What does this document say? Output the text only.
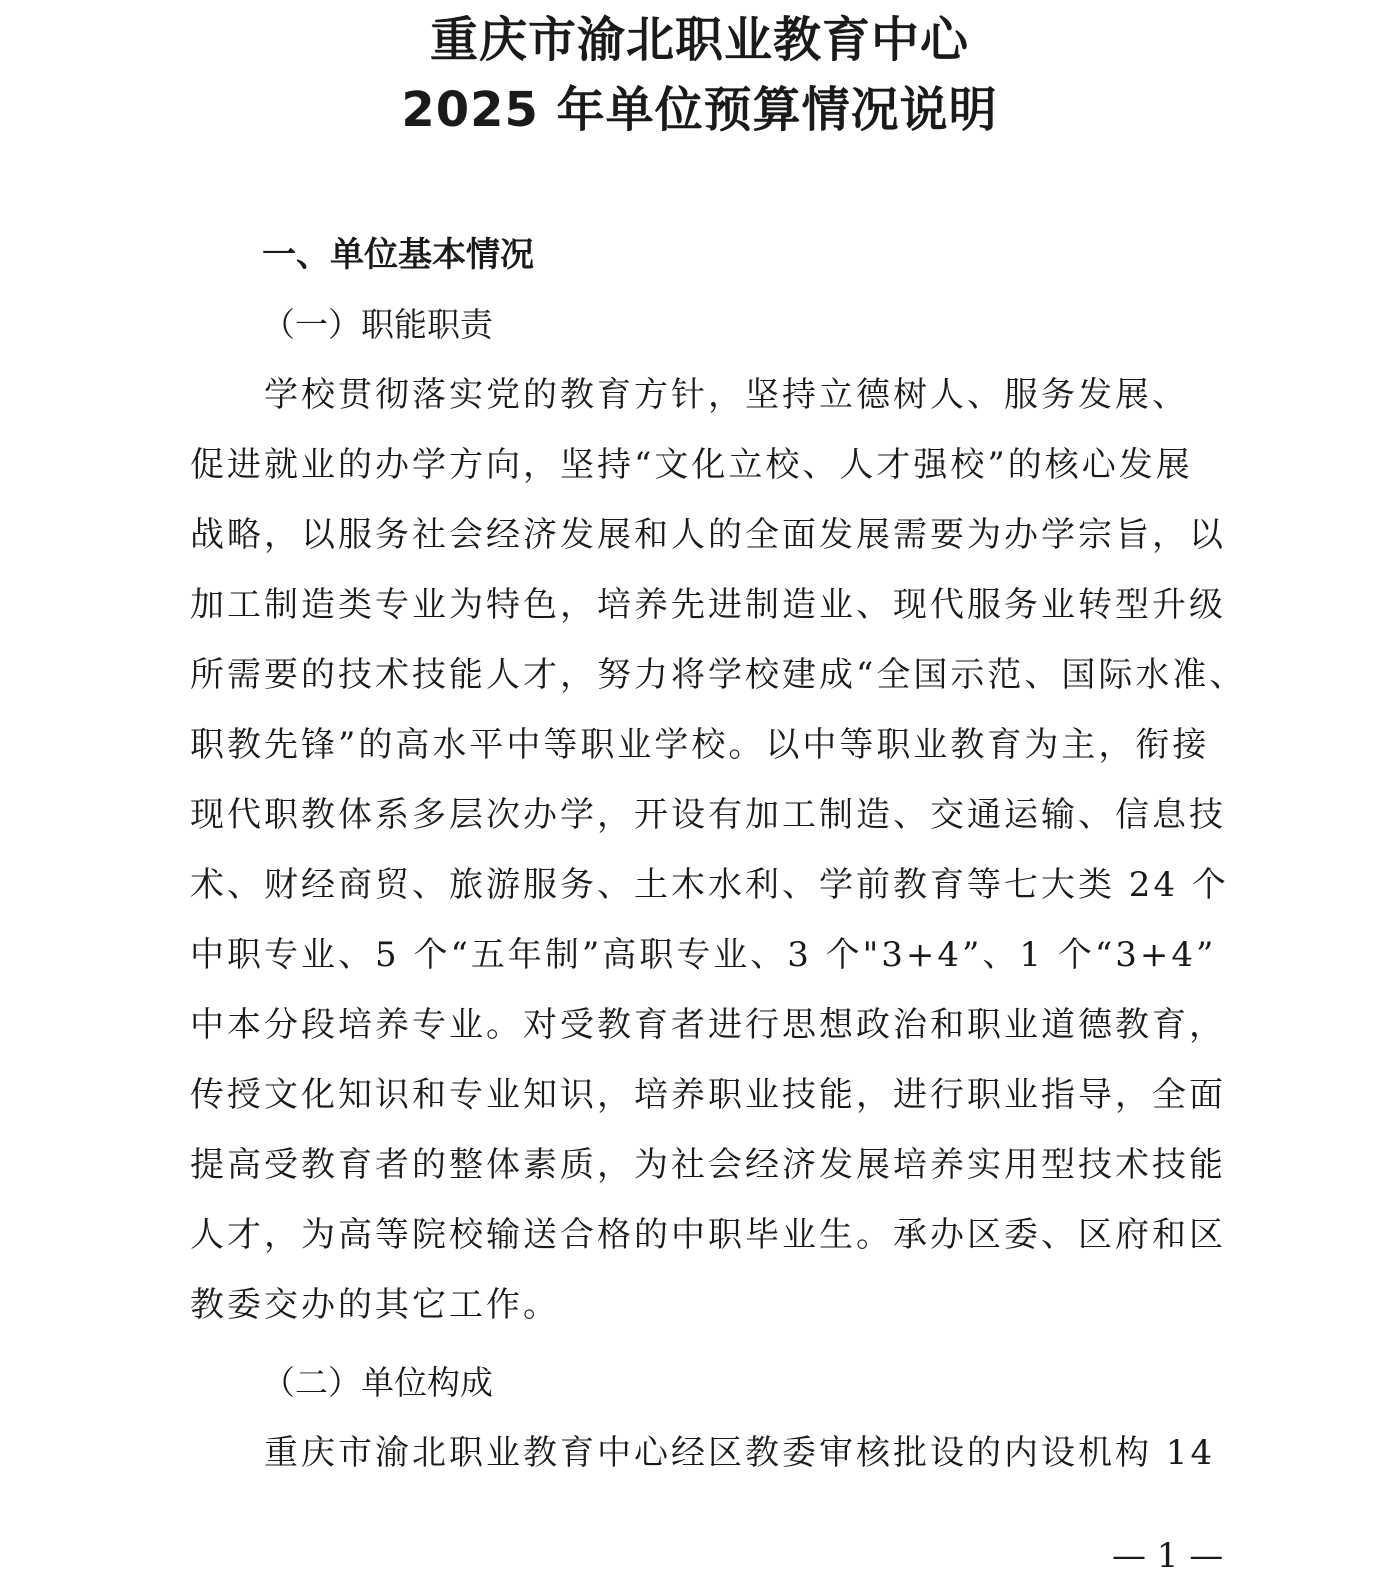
重庆市渝北职业教育中心
2025 年单位预算情况说明
一、单位基本情况
（一）职能职责
学校贯彻落实党的教育方针，坚持立德树人、服务发展、
促进就业的办学方向，坚持“文化立校、人才强校”的核心发展
战略，以服务社会经济发展和人的全面发展需要为办学宗旨，以
加工制造类专业为特色，培养先进制造业、现代服务业转型升级
所需要的技术技能人才，努力将学校建成“全国示范、国际水准、
职教先锋”的高水平中等职业学校。以中等职业教育为主，衔接
现代职教体系多层次办学，开设有加工制造、交通运输、信息技
术、财经商贸、旅游服务、土木水利、学前教育等七大类 24 个
中职专业、5 个“五年制”高职专业、3 个"3+4”、1 个“3+4”
中本分段培养专业。对受教育者进行思想政治和职业道德教育，
传授文化知识和专业知识，培养职业技能，进行职业指导，全面
提高受教育者的整体素质，为社会经济发展培养实用型技术技能
人才，为高等院校输送合格的中职毕业生。承办区委、区府和区
教委交办的其它工作。
（二）单位构成
重庆市渝北职业教育中心经区教委审核批设的内设机构 14
— 1 —
